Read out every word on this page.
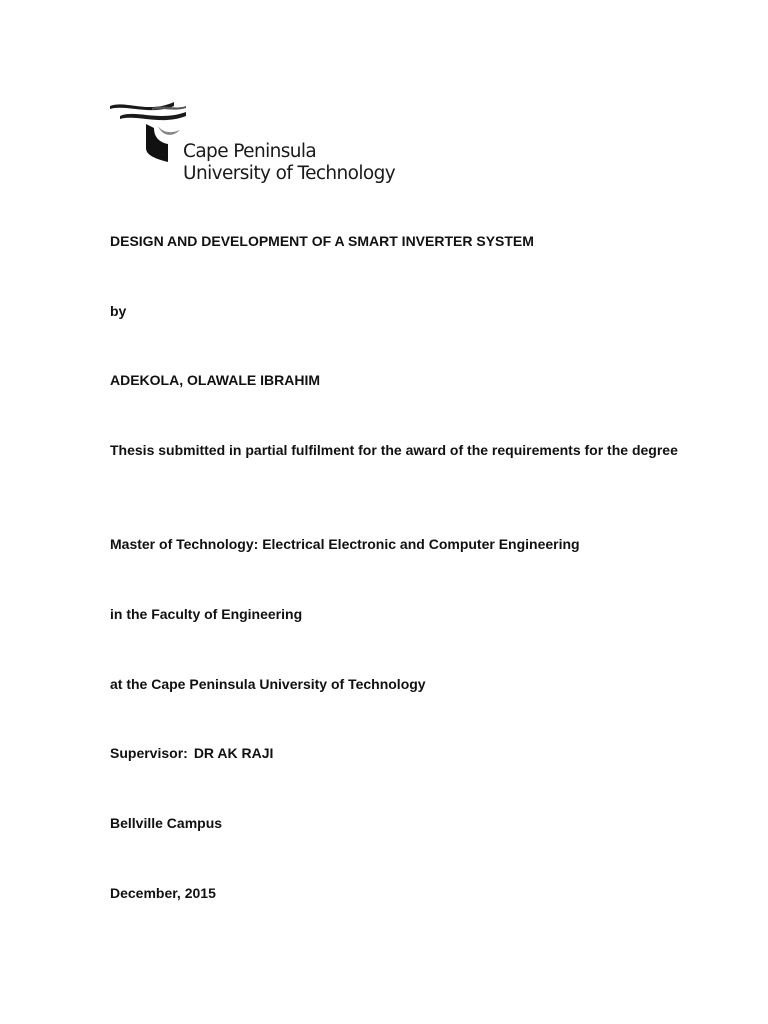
Cape Peninsula
University of Technology
DESIGN AND DEVELOPMENT OF A SMART INVERTER SYSTEM
by
ADEKOLA, OLAWALE IBRAHIM
Thesis submitted in partial fulfilment for the award of the requirements for the degree
Master of Technology: Electrical Electronic and Computer Engineering
in the Faculty of Engineering
at the Cape Peninsula University of Technology
Supervisor: DR AK RAJI
Bellville Campus
December, 2015
